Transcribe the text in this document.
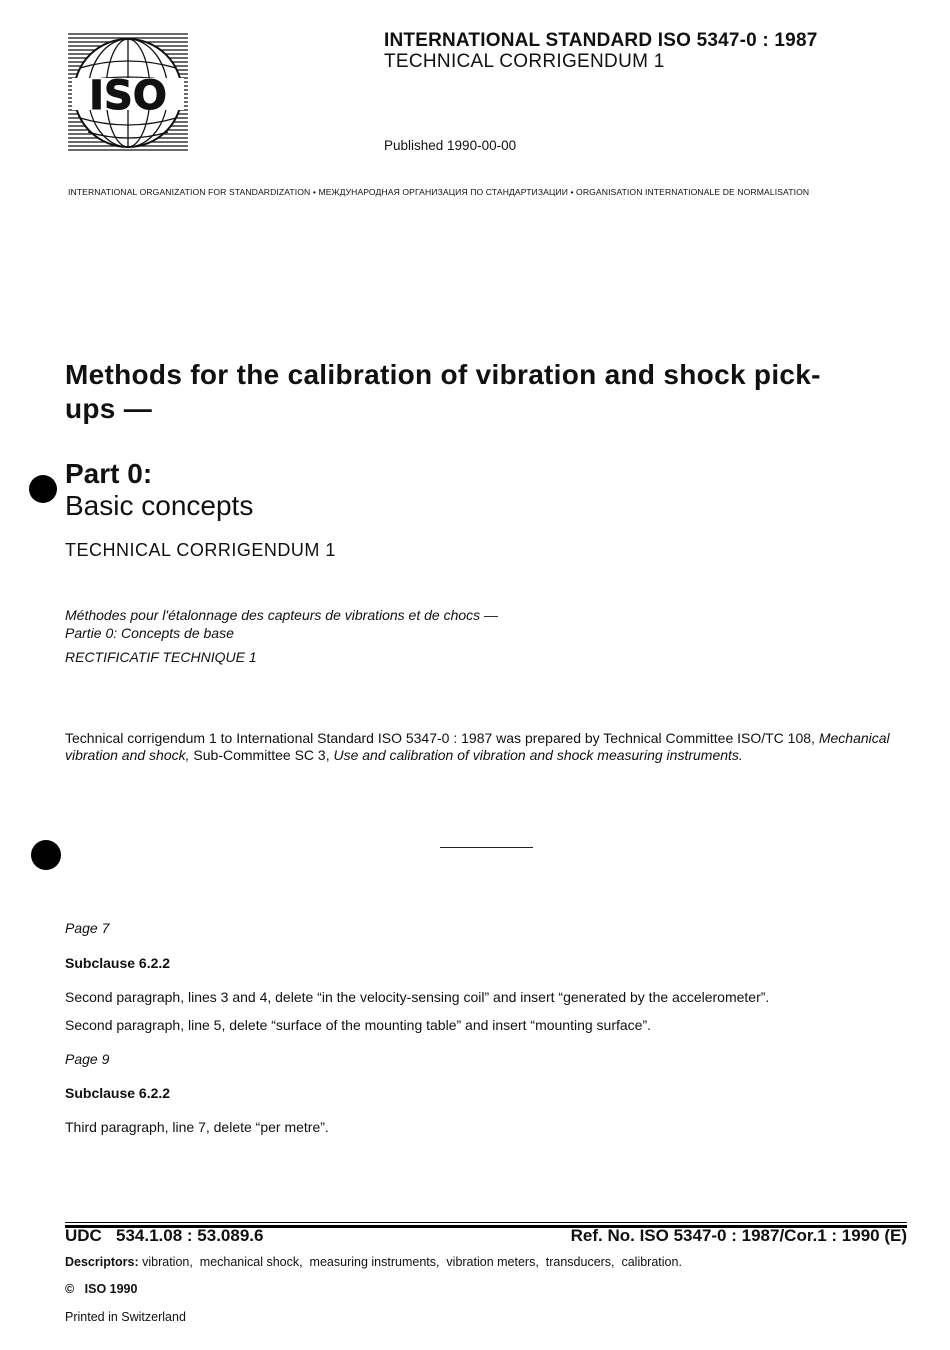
ISO
INTERNATIONAL STANDARD ISO 5347-0 : 1987
TECHNICAL CORRIGENDUM 1
Published 1990-00-00
INTERNATIONAL ORGANIZATION FOR STANDARDIZATION • МЕЖДУНАРОДНАЯ ОРГАНИЗАЦИЯ ПО СТАНДАРТИЗАЦИИ • ORGANISATION INTERNATIONALE DE NORMALISATION
Methods for the calibration of vibration and shock pick-ups —
Part 0:
Basic concepts
TECHNICAL CORRIGENDUM 1
Méthodes pour l'étalonnage des capteurs de vibrations et de chocs —
Partie 0: Concepts de base
RECTIFICATIF TECHNIQUE 1
Technical corrigendum 1 to International Standard ISO 5347-0 : 1987 was prepared by Technical Committee ISO/TC 108, Mechanical vibration and shock, Sub-Committee SC 3, Use and calibration of vibration and shock measuring instruments.
Page 7
Subclause 6.2.2
Second paragraph, lines 3 and 4, delete “in the velocity-sensing coil” and insert “generated by the accelerometer”.
Second paragraph, line 5, delete “surface of the mounting table” and insert “mounting surface”.
Page 9
Subclause 6.2.2
Third paragraph, line 7, delete “per metre”.
UDC   534.1.08 : 53.089.6	Ref. No. ISO 5347-0 : 1987/Cor.1 : 1990 (E)
Descriptors: vibration,  mechanical shock,  measuring instruments,  vibration meters,  transducers,  calibration.
©   ISO 1990
Printed in Switzerland
